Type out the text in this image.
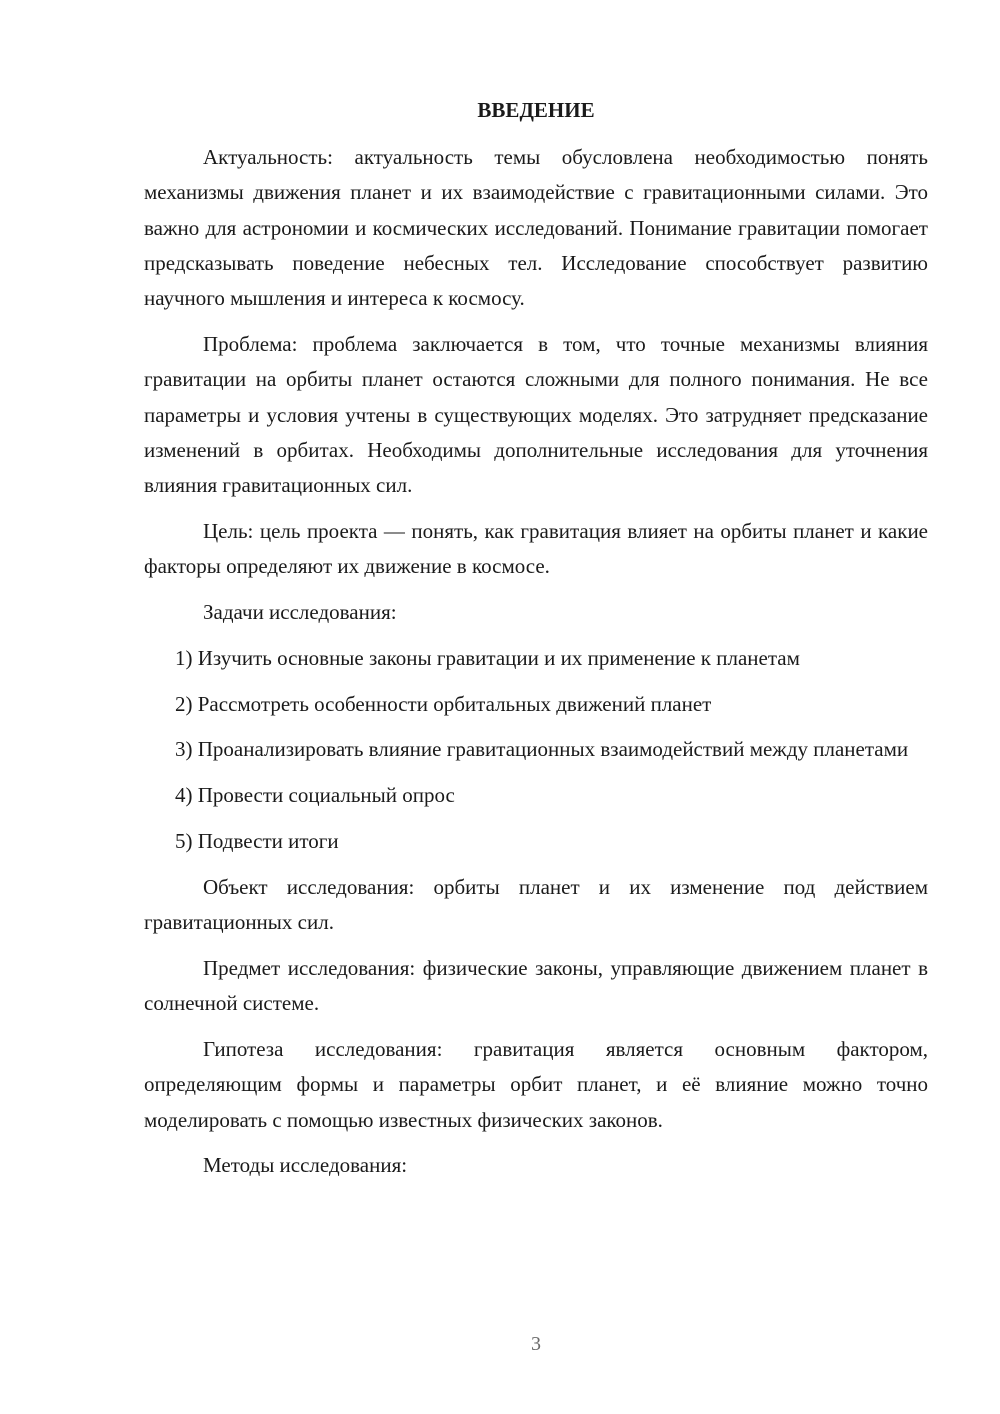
ВВЕДЕНИЕ

Актуальность: актуальность темы обусловлена необходимостью понять механизмы движения планет и их взаимодействие с гравитационными силами. Это важно для астрономии и космических исследований. Понимание гравитации помогает предсказывать поведение небесных тел. Исследование способствует развитию научного мышления и интереса к космосу.

Проблема: проблема заключается в том, что точные механизмы влияния гравитации на орбиты планет остаются сложными для полного понимания. Не все параметры и условия учтены в существующих моделях. Это затрудняет предсказание изменений в орбитах. Необходимы дополнительные исследования для уточнения влияния гравитационных сил.

Цель: цель проекта — понять, как гравитация влияет на орбиты планет и какие факторы определяют их движение в космосе.

Задачи исследования:

1) Изучить основные законы гравитации и их применение к планетам

2) Рассмотреть особенности орбитальных движений планет

3) Проанализировать влияние гравитационных взаимодействий между планетами

4) Провести социальный опрос

5) Подвести итоги

Объект исследования: орбиты планет и их изменение под действием гравитационных сил.

Предмет исследования: физические законы, управляющие движением планет в солнечной системе.

Гипотеза исследования: гравитация является основным фактором, определяющим формы и параметры орбит планет, и её влияние можно точно моделировать с помощью известных физических законов.

Методы исследования:

3
